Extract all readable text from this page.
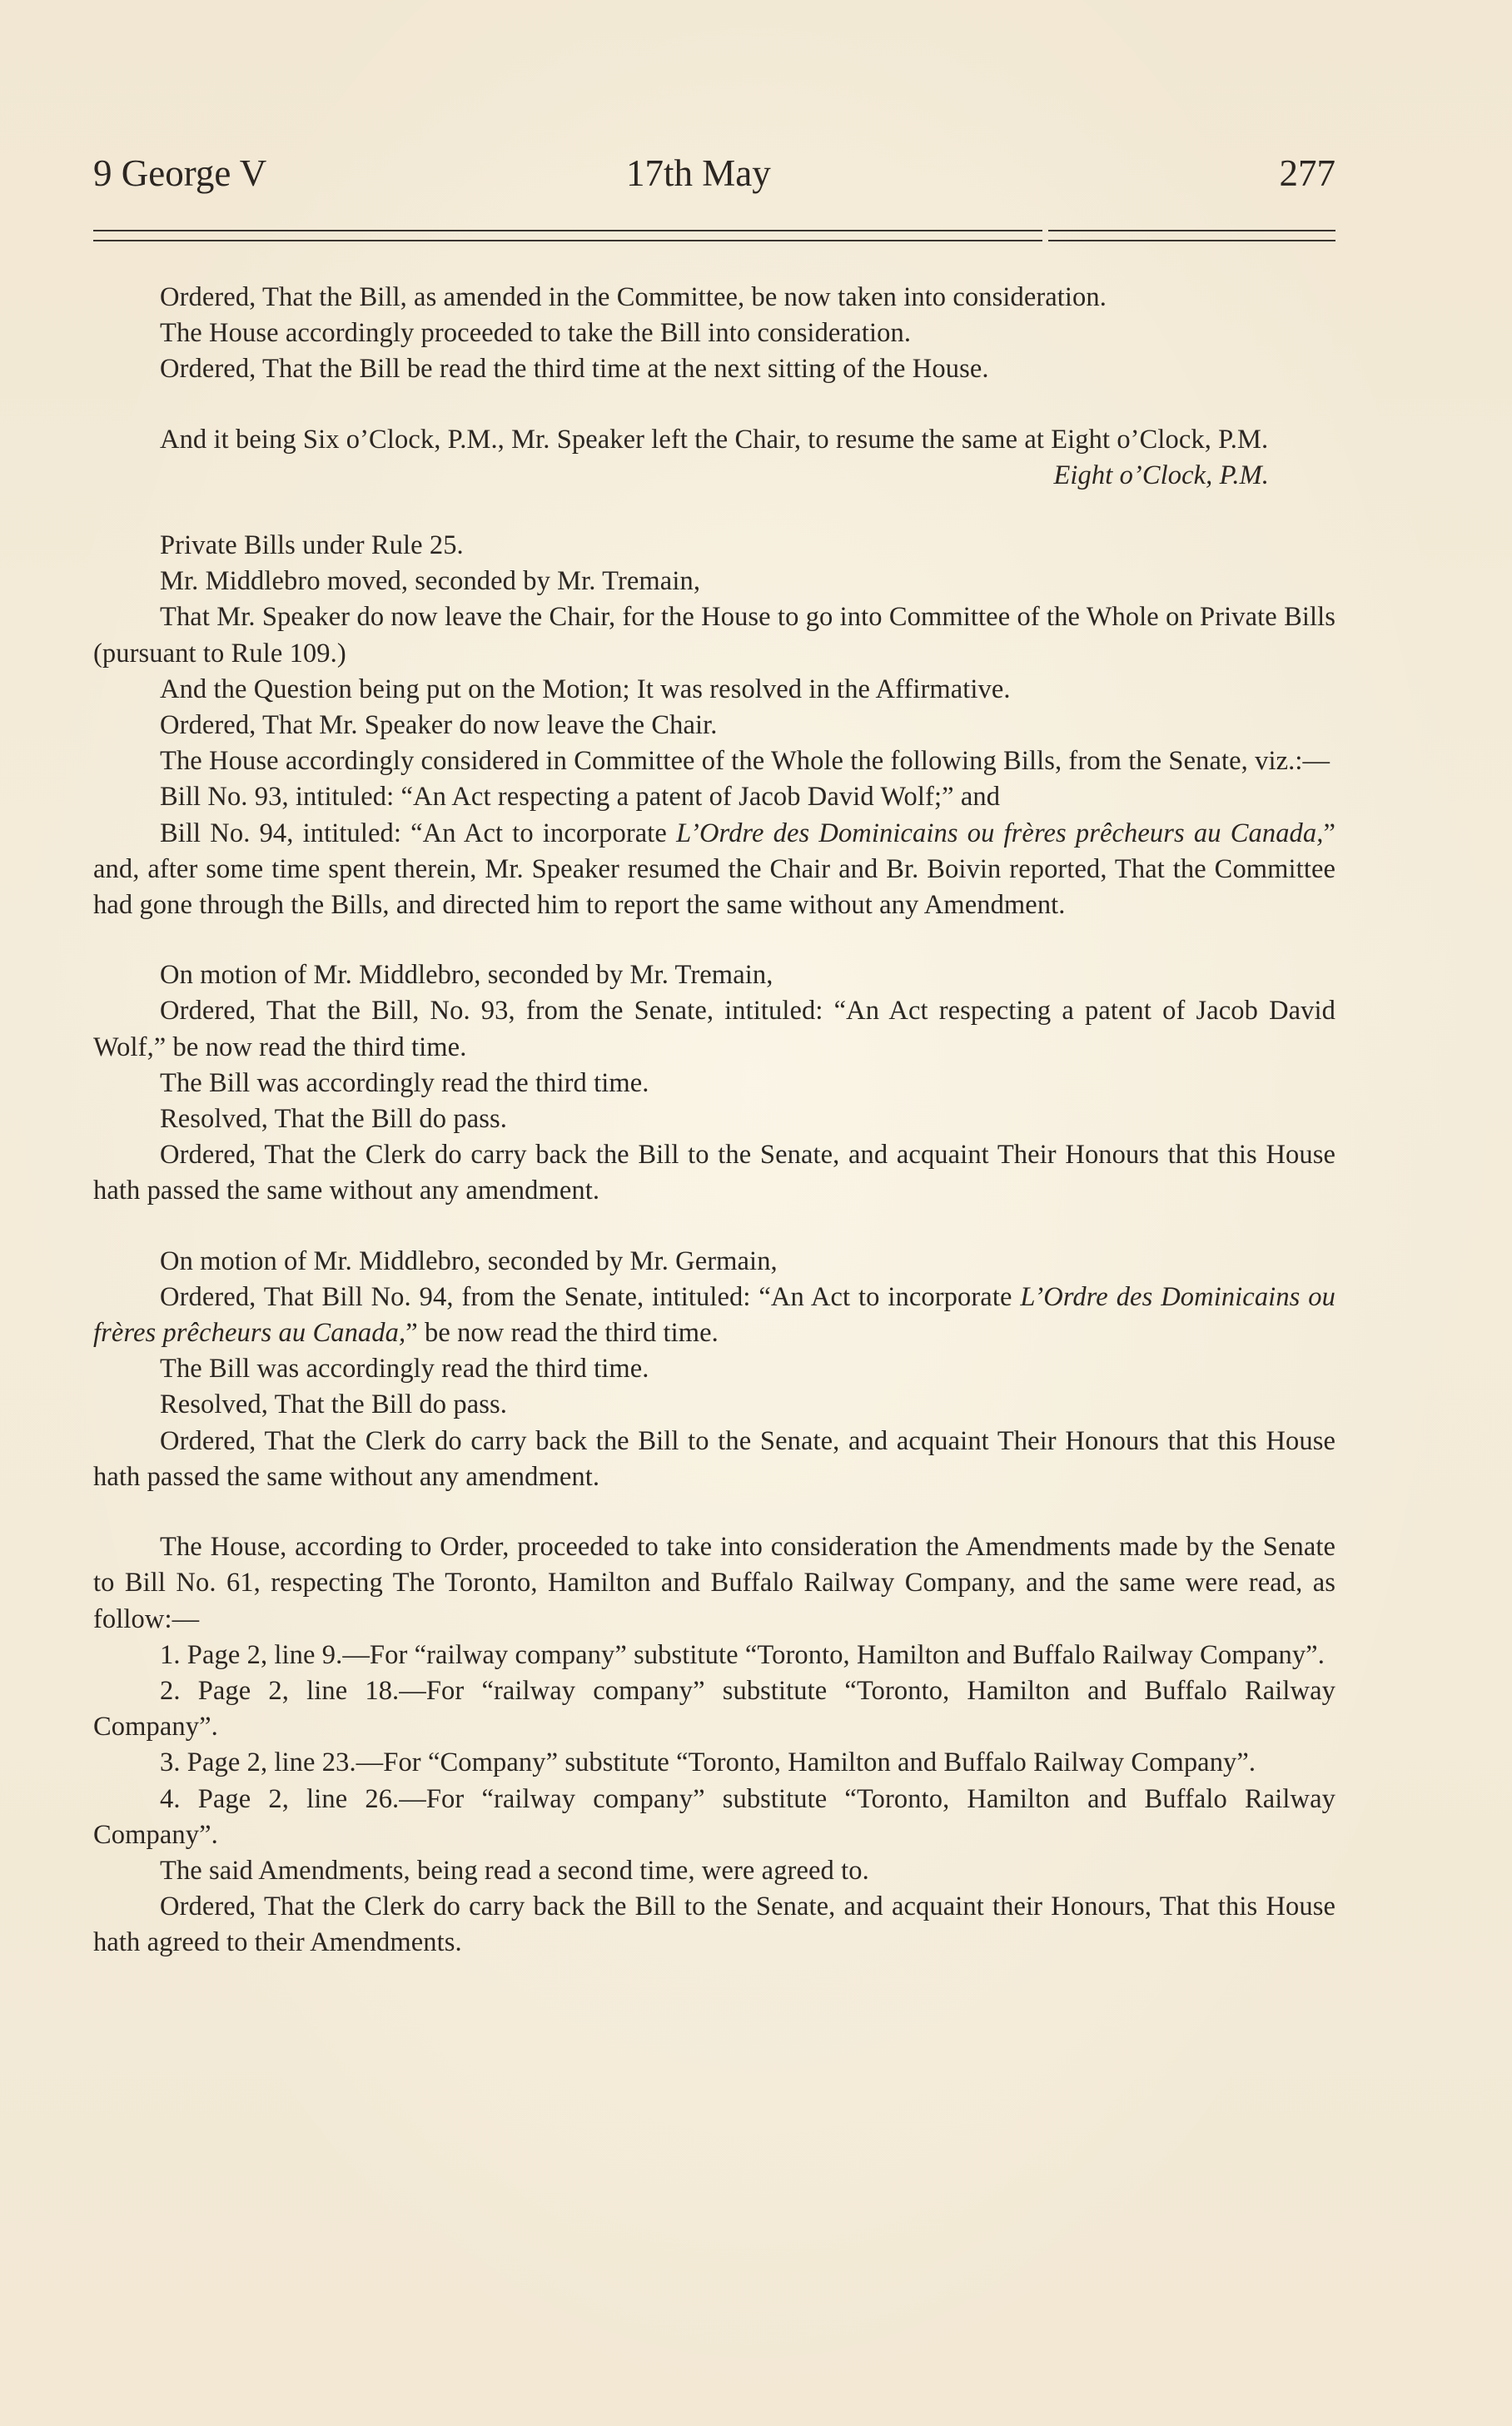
9 George V	17th May	277

Ordered, That the Bill, as amended in the Committee, be now taken into consideration.

The House accordingly proceeded to take the Bill into consideration.

Ordered, That the Bill be read the third time at the next sitting of the House.

And it being Six o’Clock, P.M., Mr. Speaker left the Chair, to resume the same at Eight o’Clock, P.M.

Eight o’Clock, P.M.

Private Bills under Rule 25.

Mr. Middlebro moved, seconded by Mr. Tremain,

That Mr. Speaker do now leave the Chair, for the House to go into Committee of the Whole on Private Bills (pursuant to Rule 109.)

And the Question being put on the Motion; It was resolved in the Affirmative.

Ordered, That Mr. Speaker do now leave the Chair.

The House accordingly considered in Committee of the Whole the following Bills, from the Senate, viz.:—

Bill No. 93, intituled: “An Act respecting a patent of Jacob David Wolf;” and

Bill No. 94, intituled: “An Act to incorporate L’Ordre des Dominicains ou frères prêcheurs au Canada,” and, after some time spent therein, Mr. Speaker resumed the Chair and Br. Boivin reported, That the Committee had gone through the Bills, and directed him to report the same without any Amendment.

On motion of Mr. Middlebro, seconded by Mr. Tremain,

Ordered, That the Bill, No. 93, from the Senate, intituled: “An Act respecting a patent of Jacob David Wolf,” be now read the third time.

The Bill was accordingly read the third time.

Resolved, That the Bill do pass.

Ordered, That the Clerk do carry back the Bill to the Senate, and acquaint Their Honours that this House hath passed the same without any amendment.

On motion of Mr. Middlebro, seconded by Mr. Germain,

Ordered, That Bill No. 94, from the Senate, intituled: “An Act to incorporate L’Ordre des Dominicains ou frères prêcheurs au Canada,” be now read the third time.

The Bill was accordingly read the third time.

Resolved, That the Bill do pass.

Ordered, That the Clerk do carry back the Bill to the Senate, and acquaint Their Honours that this House hath passed the same without any amendment.

The House, according to Order, proceeded to take into consideration the Amendments made by the Senate to Bill No. 61, respecting The Toronto, Hamilton and Buffalo Railway Company, and the same were read, as follow:—

1. Page 2, line 9.—For “railway company” substitute “Toronto, Hamilton and Buffalo Railway Company”.

2. Page 2, line 18.—For “railway company” substitute “Toronto, Hamilton and Buffalo Railway Company”.

3. Page 2, line 23.—For “Company” substitute “Toronto, Hamilton and Buffalo Railway Company”.

4. Page 2, line 26.—For “railway company” substitute “Toronto, Hamilton and Buffalo Railway Company”.

The said Amendments, being read a second time, were agreed to.

Ordered, That the Clerk do carry back the Bill to the Senate, and acquaint their Honours, That this House hath agreed to their Amendments.
